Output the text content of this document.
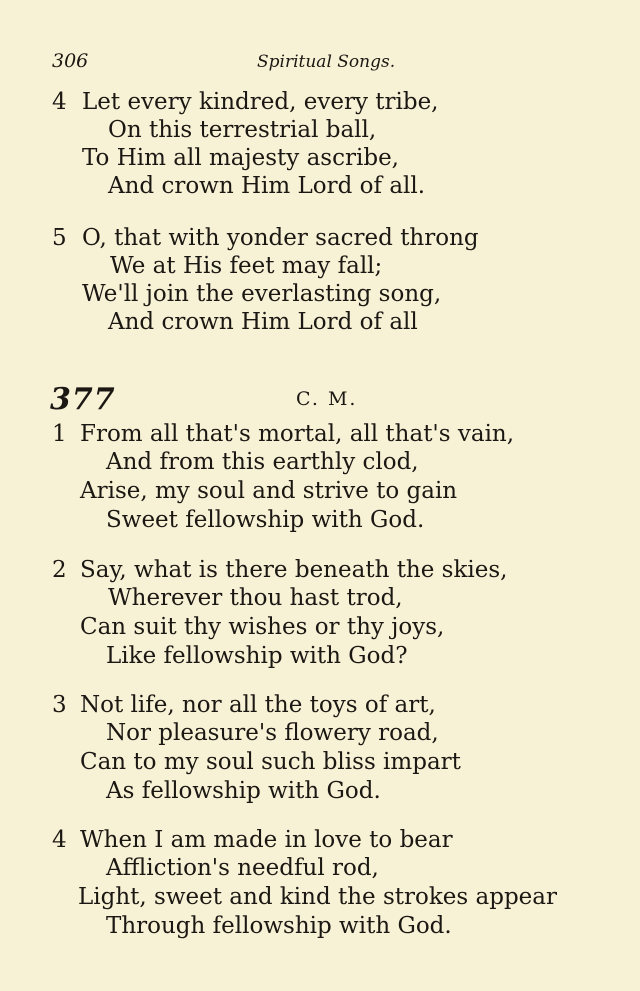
306	Spiritual Songs.
4 Let every kindred, every tribe,
On this terrestrial ball,
To Him all majesty ascribe,
And crown Him Lord of all.
5 O, that with yonder sacred throng
We at His feet may fall;
We'll join the everlasting song,
And crown Him Lord of all
377	C. M.
1 From all that's mortal, all that's vain,
And from this earthly clod,
Arise, my soul and strive to gain
Sweet fellowship with God.
2 Say, what is there beneath the skies,
Wherever thou hast trod,
Can suit thy wishes or thy joys,
Like fellowship with God?
3 Not life, nor all the toys of art,
Nor pleasure's flowery road,
Can to my soul such bliss impart
As fellowship with God.
4 When I am made in love to bear
Affliction's needful rod,
Light, sweet and kind the strokes appear
Through fellowship with God.
